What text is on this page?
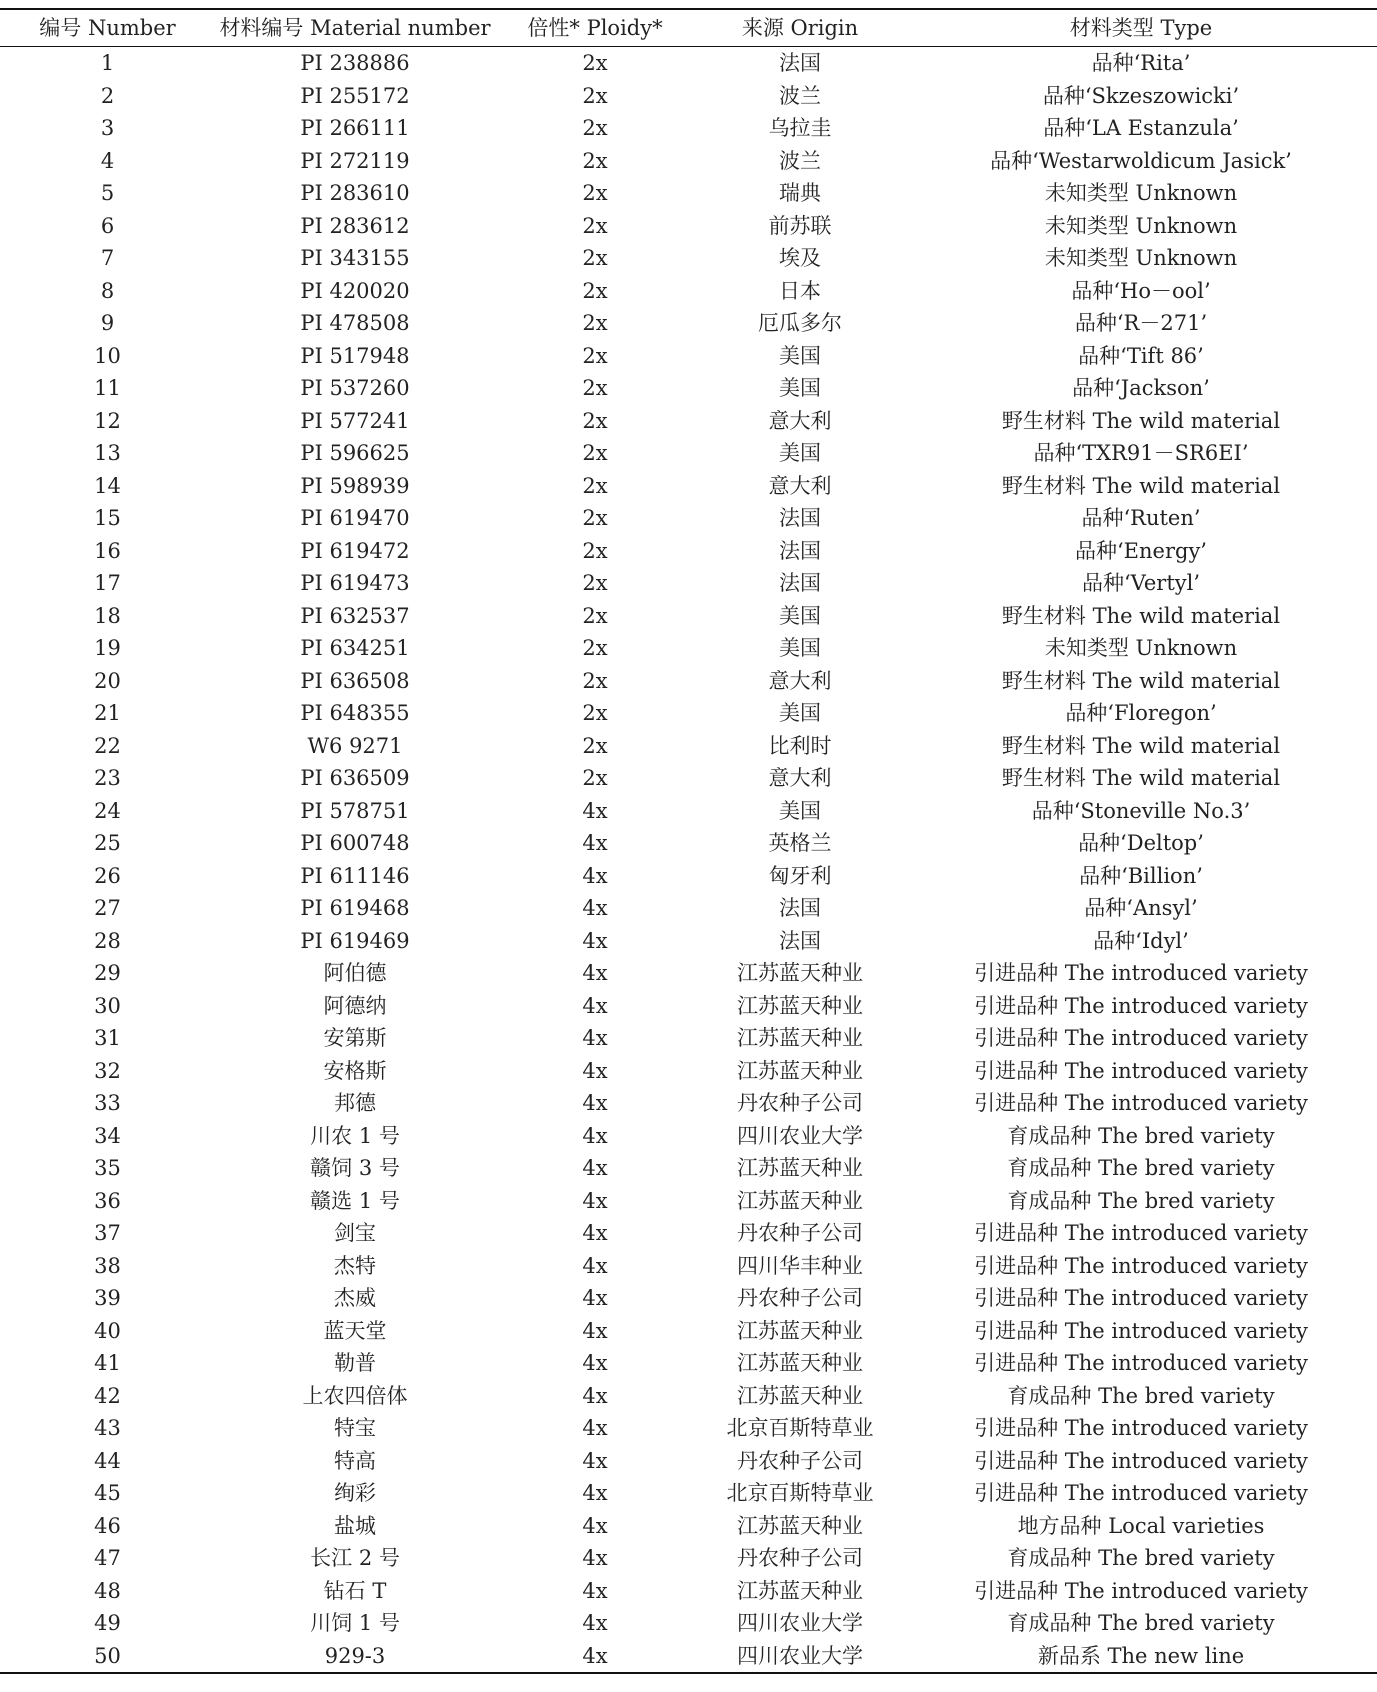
编号 Number	材料编号 Material number	倍性* Ploidy*	来源 Origin	材料类型 Type
1	PI 238886	2x	法国	品种‘Rita’
2	PI 255172	2x	波兰	品种‘Skzeszowicki’
3	PI 266111	2x	乌拉圭	品种‘LA Estanzula’
4	PI 272119	2x	波兰	品种‘Westarwoldicum Jasick’
5	PI 283610	2x	瑞典	未知类型 Unknown
6	PI 283612	2x	前苏联	未知类型 Unknown
7	PI 343155	2x	埃及	未知类型 Unknown
8	PI 420020	2x	日本	品种‘Ho－ool’
9	PI 478508	2x	厄瓜多尔	品种‘R－271’
10	PI 517948	2x	美国	品种‘Tift 86’
11	PI 537260	2x	美国	品种‘Jackson’
12	PI 577241	2x	意大利	野生材料 The wild material
13	PI 596625	2x	美国	品种‘TXR91－SR6EI’
14	PI 598939	2x	意大利	野生材料 The wild material
15	PI 619470	2x	法国	品种‘Ruten’
16	PI 619472	2x	法国	品种‘Energy’
17	PI 619473	2x	法国	品种‘Vertyl’
18	PI 632537	2x	美国	野生材料 The wild material
19	PI 634251	2x	美国	未知类型 Unknown
20	PI 636508	2x	意大利	野生材料 The wild material
21	PI 648355	2x	美国	品种‘Floregon’
22	W6 9271	2x	比利时	野生材料 The wild material
23	PI 636509	2x	意大利	野生材料 The wild material
24	PI 578751	4x	美国	品种‘Stoneville No.3’
25	PI 600748	4x	英格兰	品种‘Deltop’
26	PI 611146	4x	匈牙利	品种‘Billion’
27	PI 619468	4x	法国	品种‘Ansyl’
28	PI 619469	4x	法国	品种‘Idyl’
29	阿伯德	4x	江苏蓝天种业	引进品种 The introduced variety
30	阿德纳	4x	江苏蓝天种业	引进品种 The introduced variety
31	安第斯	4x	江苏蓝天种业	引进品种 The introduced variety
32	安格斯	4x	江苏蓝天种业	引进品种 The introduced variety
33	邦德	4x	丹农种子公司	引进品种 The introduced variety
34	川农 1 号	4x	四川农业大学	育成品种 The bred variety
35	赣饲 3 号	4x	江苏蓝天种业	育成品种 The bred variety
36	赣选 1 号	4x	江苏蓝天种业	育成品种 The bred variety
37	剑宝	4x	丹农种子公司	引进品种 The introduced variety
38	杰特	4x	四川华丰种业	引进品种 The introduced variety
39	杰威	4x	丹农种子公司	引进品种 The introduced variety
40	蓝天堂	4x	江苏蓝天种业	引进品种 The introduced variety
41	勒普	4x	江苏蓝天种业	引进品种 The introduced variety
42	上农四倍体	4x	江苏蓝天种业	育成品种 The bred variety
43	特宝	4x	北京百斯特草业	引进品种 The introduced variety
44	特高	4x	丹农种子公司	引进品种 The introduced variety
45	绚彩	4x	北京百斯特草业	引进品种 The introduced variety
46	盐城	4x	江苏蓝天种业	地方品种 Local varieties
47	长江 2 号	4x	丹农种子公司	育成品种 The bred variety
48	钻石 T	4x	江苏蓝天种业	引进品种 The introduced variety
49	川饲 1 号	4x	四川农业大学	育成品种 The bred variety
50	929-3	4x	四川农业大学	新品系 The new line
